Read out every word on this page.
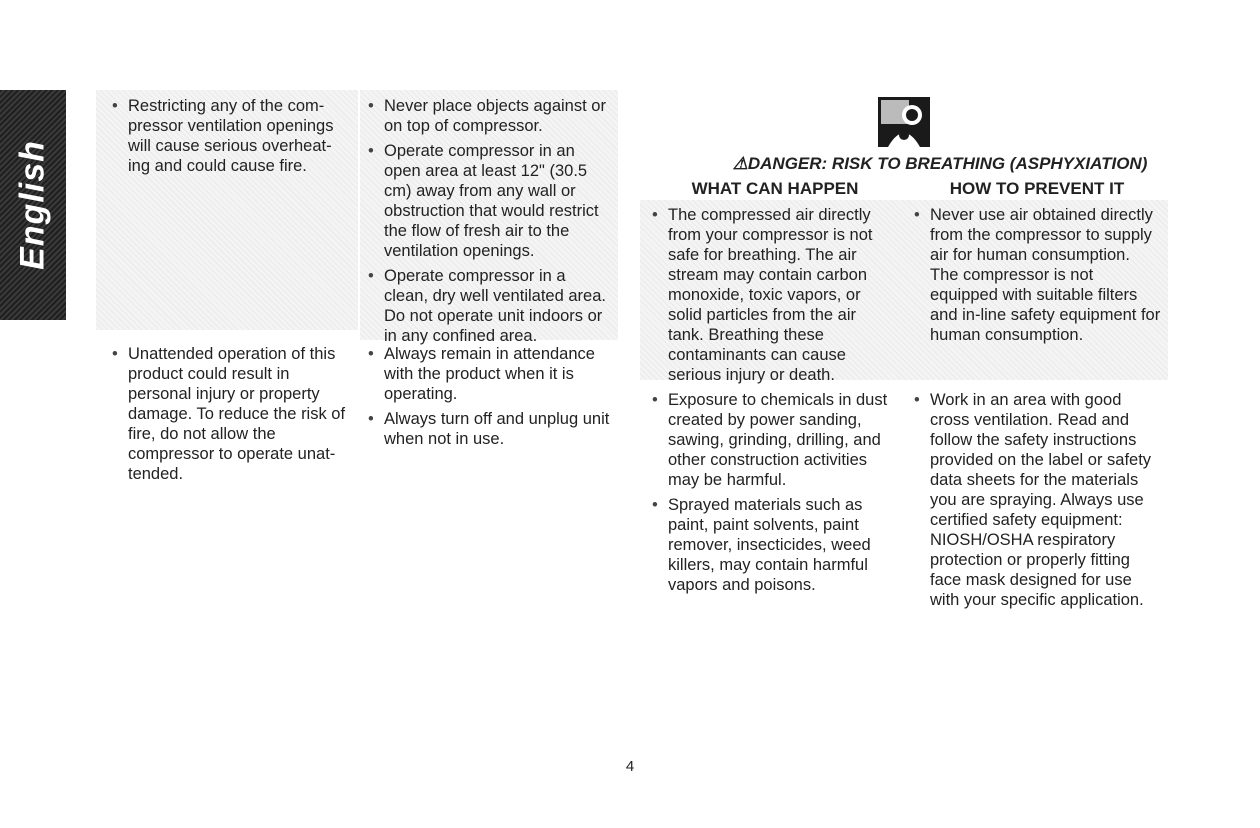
English
• Restricting any of the com-pressor ventilation openings will cause serious overheat-ing and could cause fire.
• Unattended operation of this product could result in personal injury or property damage. To reduce the risk of fire, do not allow the compressor to operate unat-tended.
• Never place objects against or on top of compressor.
• Operate compressor in an open area at least 12" (30.5 cm) away from any wall or obstruction that would restrict the flow of fresh air to the ventilation openings.
• Operate compressor in a clean, dry well ventilated area. Do not operate unit indoors or in any confined area.
• Always remain in attendance with the product when it is operating.
• Always turn off and unplug unit when not in use.
⚠DANGER: RISK TO BREATHING (ASPHYXIATION)
WHAT CAN HAPPEN	HOW TO PREVENT IT
• The compressed air directly from your compressor is not safe for breathing. The air stream may contain carbon monoxide, toxic vapors, or solid particles from the air tank. Breathing these contaminants can cause serious injury or death.
• Exposure to chemicals in dust created by power sanding, sawing, grinding, drilling, and other construction activities may be harmful.
• Sprayed materials such as paint, paint solvents, paint remover, insecticides, weed killers, may contain harmful vapors and poisons.
• Never use air obtained directly from the compressor to supply air for human consumption. The compressor is not equipped with suitable filters and in-line safety equipment for human consumption.
• Work in an area with good cross ventilation. Read and follow the safety instructions provided on the label or safety data sheets for the materials you are spraying. Always use certified safety equipment: NIOSH/OSHA respiratory protection or properly fitting face mask designed for use with your specific application.
4
